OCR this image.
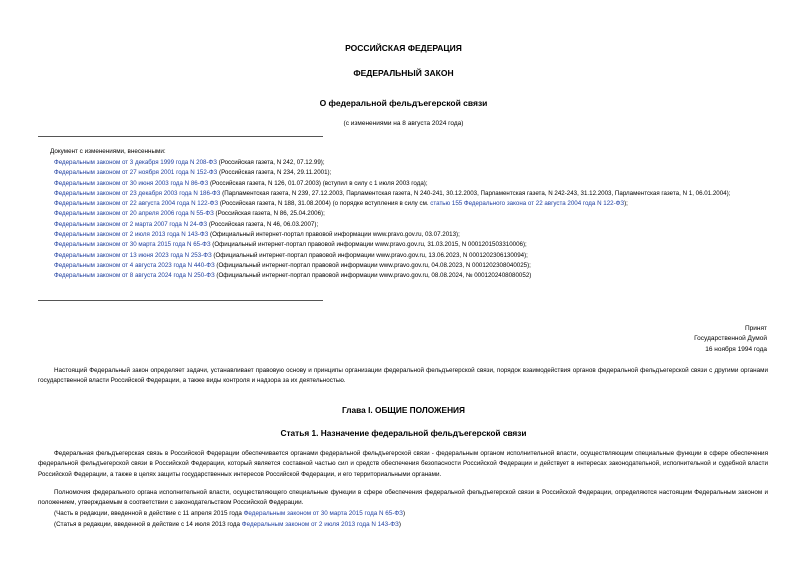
РОССИЙСКАЯ ФЕДЕРАЦИЯ
ФЕДЕРАЛЬНЫЙ ЗАКОН
О федеральной фельдъегерской связи
(с изменениями на 8 августа 2024 года)
Документ с изменениями, внесенными:
Федеральным законом от 3 декабря 1999 года N 208-ФЗ (Российская газета, N 242, 07.12.99);
Федеральным законом от 27 ноября 2001 года N 152-ФЗ (Российская газета, N 234, 29.11.2001);
Федеральным законом от 30 июня 2003 года N 86-ФЗ (Российская газета, N 126, 01.07.2003) (вступил в силу с 1 июля 2003 года);
Федеральным законом от 23 декабря 2003 года N 186-ФЗ (Парламентская газета, N 239, 27.12.2003, Парламентская газета, N 240-241, 30.12.2003, Парламентская газета, N 242-243, 31.12.2003, Парламентская газета, N 1, 06.01.2004);
Федеральным законом от 22 августа 2004 года N 122-ФЗ (Российская газета, N 188, 31.08.2004) (о порядке вступления в силу см. статью 155 Федерального закона от 22 августа 2004 года N 122-ФЗ);
Федеральным законом от 20 апреля 2006 года N 55-ФЗ (Российская газета, N 86, 25.04.2006);
Федеральным законом от 2 марта 2007 года N 24-ФЗ (Российская газета, N 46, 06.03.2007);
Федеральным законом от 2 июля 2013 года N 143-ФЗ (Официальный интернет-портал правовой информации www.pravo.gov.ru, 03.07.2013);
Федеральным законом от 30 марта 2015 года N 65-ФЗ (Официальный интернет-портал правовой информации www.pravo.gov.ru, 31.03.2015, N 0001201503310006);
Федеральным законом от 13 июня 2023 года N 253-ФЗ (Официальный интернет-портал правовой информации www.pravo.gov.ru, 13.06.2023, N 0001202306130094);
Федеральным законом от 4 августа 2023 года N 440-ФЗ (Официальный интернет-портал правовой информации www.pravo.gov.ru, 04.08.2023, N 0001202308040025);
Федеральным законом от 8 августа 2024 года N 250-ФЗ (Официальный интернет-портал правовой информации www.pravo.gov.ru, 08.08.2024, № 0001202408080052)
Принят
Государственной Думой
16 ноября 1994 года
Настоящий Федеральный закон определяет задачи, устанавливает правовую основу и принципы организации федеральной фельдъегерской связи, порядок взаимодействия органов федеральной фельдъегерской связи с другими органами государственной власти Российской Федерации, а также виды контроля и надзора за их деятельностью.
Глава I. ОБЩИЕ ПОЛОЖЕНИЯ
Статья 1. Назначение федеральной фельдъегерской связи
Федеральная фельдъегерская связь в Российской Федерации обеспечивается органами федеральной фельдъегерской связи - федеральным органом исполнительной власти, осуществляющим специальные функции в сфере обеспечения федеральной фельдъегерской связи в Российской Федерации, который является составной частью сил и средств обеспечения безопасности Российской Федерации и действует в интересах законодательной, исполнительной и судебной власти Российской Федерации, а также в целях защиты государственных интересов Российской Федерации, и его территориальными органами.
Полномочия федерального органа исполнительной власти, осуществляющего специальные функции в сфере обеспечения федеральной фельдъегерской связи в Российской Федерации, определяются настоящим Федеральным законом и положением, утверждаемым в соответствии с законодательством Российской Федерации.
(Часть в редакции, введенной в действие с 11 апреля 2015 года Федеральным законом от 30 марта 2015 года N 65-ФЗ)
(Статья в редакции, введенной в действие с 14 июля 2013 года Федеральным законом от 2 июля 2013 года N 143-ФЗ)
